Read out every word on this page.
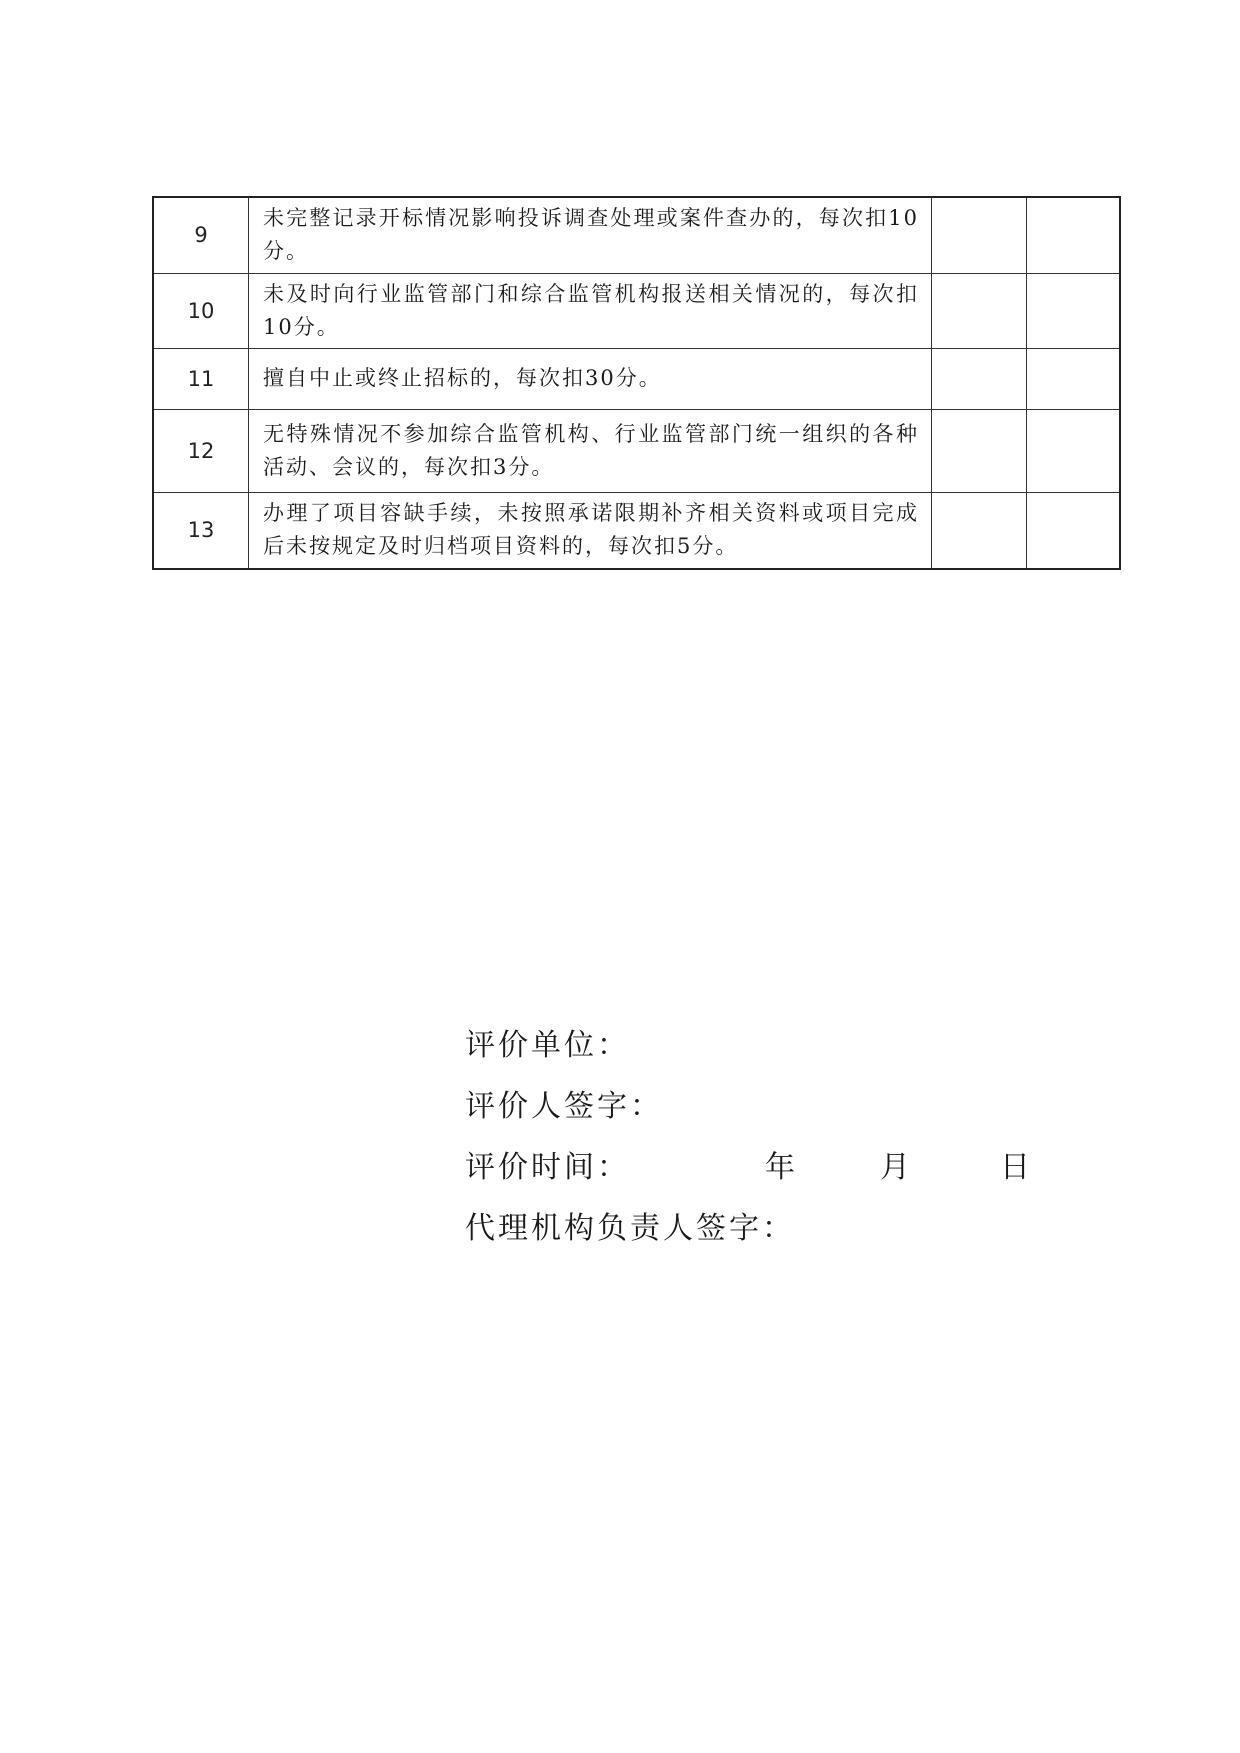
9	未完整记录开标情况影响投诉调查处理或案件查办的，每次扣10分。		
10	未及时向行业监管部门和综合监管机构报送相关情况的，每次扣10分。		
11	擅自中止或终止招标的，每次扣30分。		
12	无特殊情况不参加综合监管机构、行业监管部门统一组织的各种活动、会议的，每次扣3分。		
13	办理了项目容缺手续，未按照承诺限期补齐相关资料或项目完成后未按规定及时归档项目资料的，每次扣5分。		
评价单位：
评价人签字：
评价时间：	年	月	日
代理机构负责人签字：
